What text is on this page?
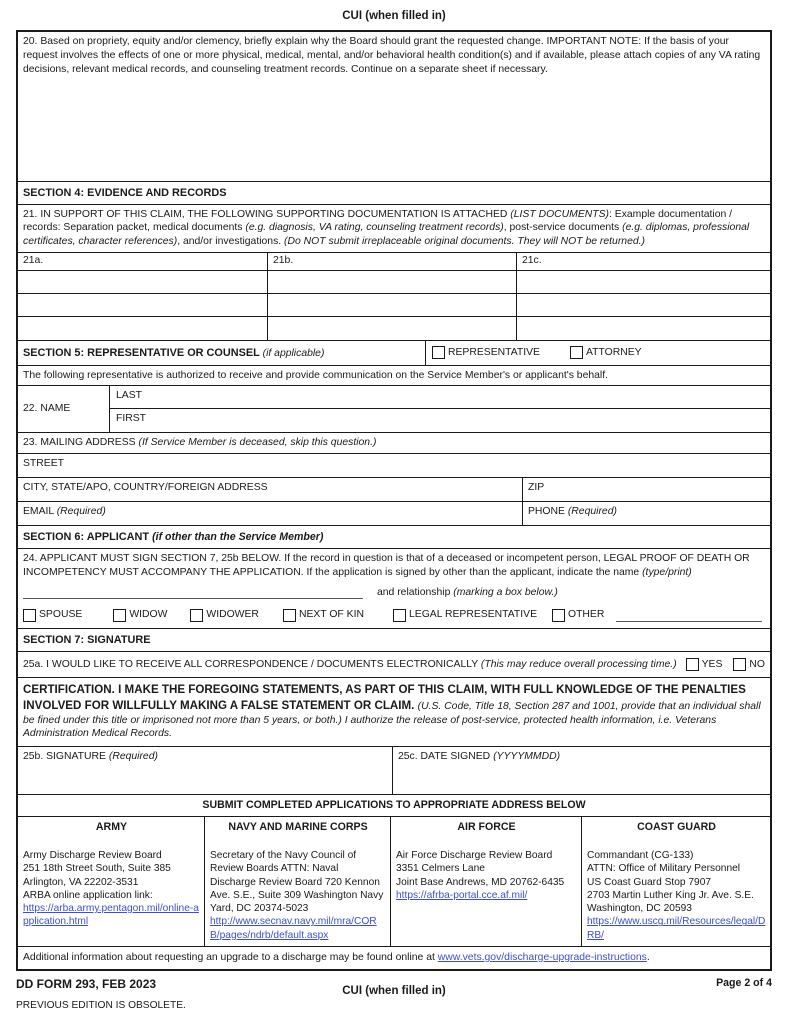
CUI (when filled in)
20. Based on propriety, equity and/or clemency, briefly explain why the Board should grant the requested change. IMPORTANT NOTE: If the basis of your request involves the effects of one or more physical, medical, mental, and/or behavioral health condition(s) and if available, please attach copies of any VA rating decisions, relevant medical records, and counseling treatment records. Continue on a separate sheet if necessary.
SECTION 4: EVIDENCE AND RECORDS
21. IN SUPPORT OF THIS CLAIM, THE FOLLOWING SUPPORTING DOCUMENTATION IS ATTACHED (LIST DOCUMENTS): Example documentation / records: Separation packet, medical documents (e.g. diagnosis, VA rating, counseling treatment records), post-service documents (e.g. diplomas, professional certificates, character references), and/or investigations. (Do NOT submit irreplaceable original documents. They will NOT be returned.)
21a.	21b.	21c.
SECTION 5: REPRESENTATIVE OR COUNSEL (if applicable)	REPRESENTATIVE	ATTORNEY
The following representative is authorized to receive and provide communication on the Service Member's or applicant's behalf.
22. NAME
LAST
FIRST
23. MAILING ADDRESS (If Service Member is deceased, skip this question.)
STREET
CITY, STATE/APO, COUNTRY/FOREIGN ADDRESS	ZIP
EMAIL (Required)	PHONE (Required)
SECTION 6: APPLICANT (if other than the Service Member)
24. APPLICANT MUST SIGN SECTION 7, 25b BELOW. If the record in question is that of a deceased or incompetent person, LEGAL PROOF OF DEATH OR INCOMPETENCY MUST ACCOMPANY THE APPLICATION. If the application is signed by other than the applicant, indicate the name (type/print)
and relationship (marking a box below.)
SPOUSE	WIDOW	WIDOWER	NEXT OF KIN	LEGAL REPRESENTATIVE	OTHER
SECTION 7: SIGNATURE
25a. I WOULD LIKE TO RECEIVE ALL CORRESPONDENCE / DOCUMENTS ELECTRONICALLY (This may reduce overall processing time.) YES	NO
CERTIFICATION. I MAKE THE FOREGOING STATEMENTS, AS PART OF THIS CLAIM, WITH FULL KNOWLEDGE OF THE PENALTIES INVOLVED FOR WILLFULLY MAKING A FALSE STATEMENT OR CLAIM. (U.S. Code, Title 18, Section 287 and 1001, provide that an individual shall be fined under this title or imprisoned not more than 5 years, or both.) I authorize the release of post-service, protected health information, i.e. Veterans Administration Medical Records.
25b. SIGNATURE (Required)	25c. DATE SIGNED (YYYYMMDD)
SUBMIT COMPLETED APPLICATIONS TO APPROPRIATE ADDRESS BELOW
ARMY
Army Discharge Review Board
251 18th Street South, Suite 385
Arlington, VA 22202-3531
ARBA online application link:
https://arba.army.pentagon.mil/online-application.html
NAVY AND MARINE CORPS
Secretary of the Navy Council of Review Boards ATTN: Naval Discharge Review Board 720 Kennon Ave. S.E., Suite 309 Washington Navy Yard, DC 20374-5023
http://www.secnav.navy.mil/mra/CORB/pages/ndrb/default.aspx
AIR FORCE
Air Force Discharge Review Board
3351 Celmers Lane
Joint Base Andrews, MD 20762-6435
https://afrba-portal.cce.af.mil/
COAST GUARD
Commandant (CG-133)
ATTN: Office of Military Personnel
US Coast Guard Stop 7907
2703 Martin Luther King Jr. Ave. S.E.
Washington, DC 20593
https://www.uscg.mil/Resources/legal/DRB/
Additional information about requesting an upgrade to a discharge may be found online at www.vets.gov/discharge-upgrade-instructions.
DD FORM 293, FEB 2023
PREVIOUS EDITION IS OBSOLETE.
CUI (when filled in)
Page 2 of 4
